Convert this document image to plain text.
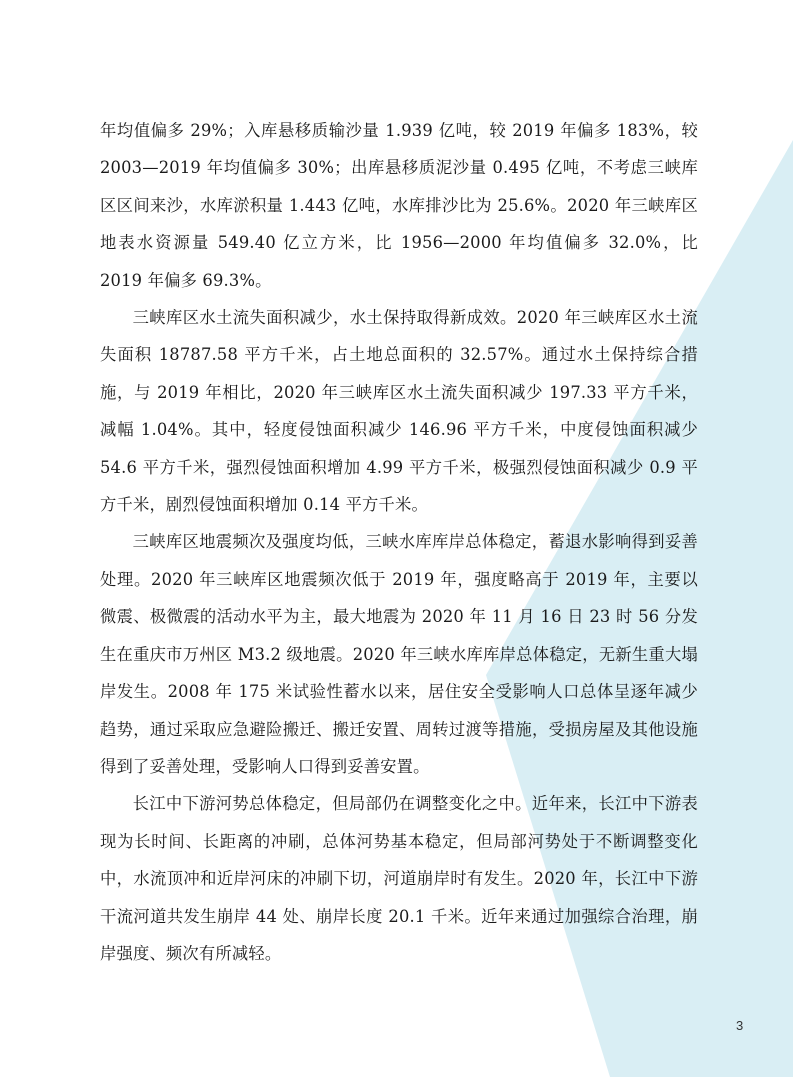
年均值偏多 29%；入库悬移质输沙量 1.939 亿吨，较 2019 年偏多 183%，较 2003—2019 年均值偏多 30%；出库悬移质泥沙量 0.495 亿吨，不考虑三峡库区区间来沙，水库淤积量 1.443 亿吨，水库排沙比为 25.6%。2020 年三峡库区地表水资源量 549.40 亿立方米，比 1956—2000 年均值偏多 32.0%，比 2019 年偏多 69.3%。

三峡库区水土流失面积减少，水土保持取得新成效。2020 年三峡库区水土流失面积 18787.58 平方千米，占土地总面积的 32.57%。通过水土保持综合措施，与 2019 年相比，2020 年三峡库区水土流失面积减少 197.33 平方千米，减幅 1.04%。其中，轻度侵蚀面积减少 146.96 平方千米，中度侵蚀面积减少 54.6 平方千米，强烈侵蚀面积增加 4.99 平方千米，极强烈侵蚀面积减少 0.9 平方千米，剧烈侵蚀面积增加 0.14 平方千米。

三峡库区地震频次及强度均低，三峡水库库岸总体稳定，蓄退水影响得到妥善处理。2020 年三峡库区地震频次低于 2019 年，强度略高于 2019 年，主要以微震、极微震的活动水平为主，最大地震为 2020 年 11 月 16 日 23 时 56 分发生在重庆市万州区 M3.2 级地震。2020 年三峡水库库岸总体稳定，无新生重大塌岸发生。2008 年 175 米试验性蓄水以来，居住安全受影响人口总体呈逐年减少趋势，通过采取应急避险搬迁、搬迁安置、周转过渡等措施，受损房屋及其他设施得到了妥善处理，受影响人口得到妥善安置。

长江中下游河势总体稳定，但局部仍在调整变化之中。近年来，长江中下游表现为长时间、长距离的冲刷，总体河势基本稳定，但局部河势处于不断调整变化中，水流顶冲和近岸河床的冲刷下切，河道崩岸时有发生。2020 年，长江中下游干流河道共发生崩岸 44 处、崩岸长度 20.1 千米。近年来通过加强综合治理，崩岸强度、频次有所减轻。

3
